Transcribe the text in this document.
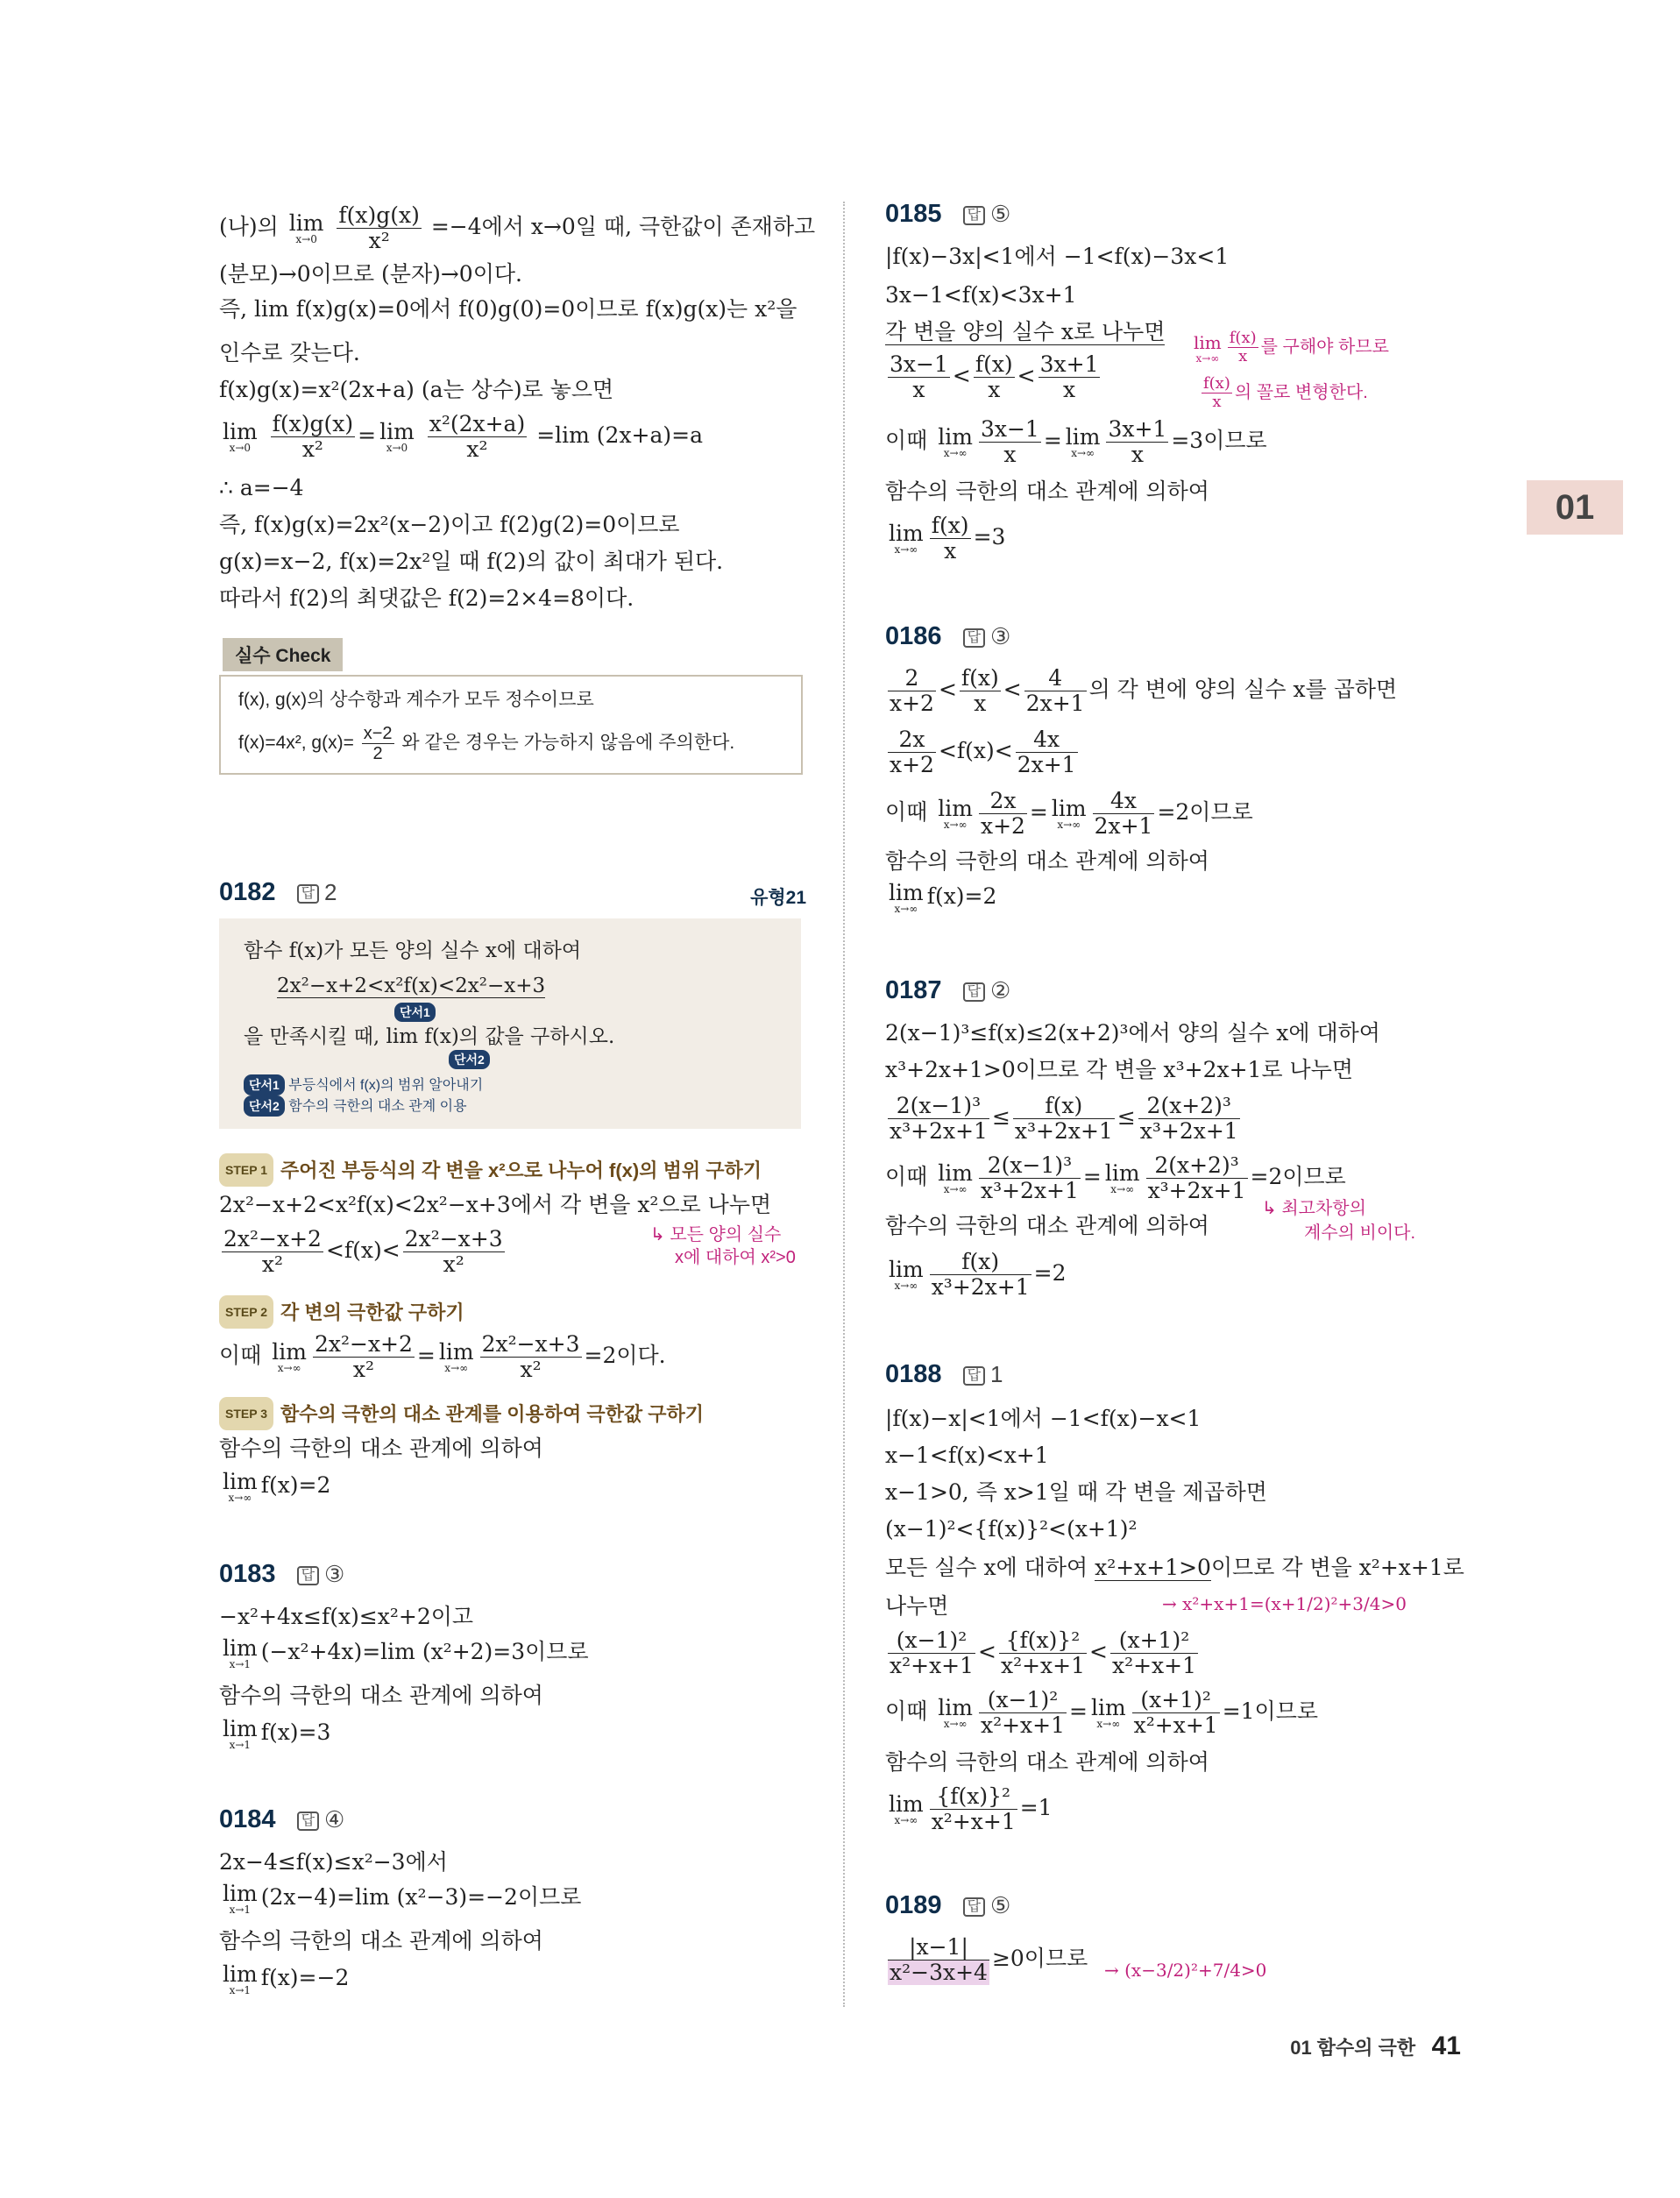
01
(나)의 lim
x→0
$\frac{f(x)g(x)}{\text{x²}} =-4$에서 x→0일 때, 극한값이 존재하고
(분모)→0이므로 (분자)→0이다.
즉, lim f(x)g(x)=0에서 f(0)g(0)=0이므로 f(x)g(x)는 x²을
인수로 갖는다.
f(x)g(x)=x²(2x+a) (a는 상수)로 놓으면
lim
x→0
$\frac{f(x)g(x)}{\text{x²}} = \lim$
x→0
$\frac{\text{x²(2x+a)}}{\text{x²}} =\lim$ (2x+a)=a
∴ a=−4
즉, f(x)g(x)=2x²(x−2)이고 f(2)g(2)=0이므로
g(x)=x−2, f(x)=2x²일 때 f(2)의 값이 최대가 된다.
따라서 f(2)의 최댓값은 f(2)=2×4=8이다.
실수 Check
f(x), g(x)의 상수항과 계수가 모두 정수이므로
f(x)=4x², $g(x)= \frac{x-2}{2}$ 와 같은 경우는 가능하지 않음에 주의한다.
0182 답 2	유형21
함수 f(x)가 모든 양의 실수 x에 대하여
2x²−x+2<x²f(x)<2x²−x+3
단서1
을 만족시킬 때, lim f(x)의 값을 구하시오.
단서2
단서1 부등식에서 f(x)의 범위 알아내기
단서2 함수의 극한의 대소 관계 이용
STEP 1 주어진 부등식의 각 변을 x²으로 나누어 f(x)의 범위 구하기
2x²−x+2<x²f(x)<2x²−x+3에서 각 변을 x²으로 나누면
$\frac{\text{2x²−x+2}}{\text{x²}} <f(x)< \frac{\text{2x²−x+3}}{\text{x²}}$	↳ 모든 양의 실수
x에 대하여 x²>0
STEP 2 각 변의 극한값 구하기
이때 lim
$x\to\infty \frac{\text{2x²−x+2}}{\text{x²}} = \lim$
$x\to\infty \frac{\text{2x²−x+3}}{\text{x²}} =2$이다.
STEP 3 함수의 극한의 대소 관계를 이용하여 극한값 구하기
함수의 극한의 대소 관계에 의하여
lim
x→∞ f(x)=2
0183 답 ③
−x²+4x≤f(x)≤x²+2이고
lim
x→1 (−x²+4x)=lim (x²+2)=3이므로
함수의 극한의 대소 관계에 의하여
lim
x→1 f(x)=3
0184 답 ④
2x−4≤f(x)≤x²−3에서
lim
x→1 (2x−4)=lim (x²−3)=−2이므로
함수의 극한의 대소 관계에 의하여
lim
x→1 f(x)=−2
0185 답 ⑤
|f(x)−3x|<1에서 −1<f(x)−3x<1
3x−1<f(x)<3x+1
각 변을 양의 실수 x로 나누면
$\frac{3x-1}{x} < \frac{f(x)}{x} < \frac{3x+1}{x}$
lim
$x\to\infty \frac{f(x)}{x}$ 를 구해야 하므로
$\frac{f(x)}{x}$ 의 꼴로 변형한다.
이때 lim
$x\to\infty \frac{3x-1}{x} = \lim$
$x\to\infty \frac{3x+1}{x} =3$이므로
함수의 극한의 대소 관계에 의하여
lim
$x\to\infty \frac{f(x)}{x} =3$
0186 답 ③
$\frac{2}{x+2} < \frac{f(x)}{x} < \frac{4}{2x+1}$ 의 각 변에 양의 실수 x를 곱하면
$\frac{2x}{x+2} <f(x)< \frac{4x}{2x+1}$
이때 lim
$x\to\infty \frac{2x}{x+2} = \lim$
$x\to\infty \frac{4x}{2x+1} =2$이므로
함수의 극한의 대소 관계에 의하여
lim
x→∞ f(x)=2
0187 답 ②
2(x−1)³≤f(x)≤2(x+2)³에서 양의 실수 x에 대하여
x³+2x+1>0이므로 각 변을 x³+2x+1로 나누면
$\frac{\text{2(x−1)³}}{\text{x³+2x+1}} \le \frac{f(x)}{\text{x³+2x+1}} \le \frac{\text{2(x+2)³}}{\text{x³+2x+1}}$
이때 lim
$x\to\infty \frac{\text{2(x−1)³}}{\text{x³+2x+1}} = \lim$
$x\to\infty \frac{\text{2(x+2)³}}{\text{x³+2x+1}} =2$이므로
↳ 최고차항의
계수의 비이다.
함수의 극한의 대소 관계에 의하여
lim
$x\to\infty \frac{f(x)}{\text{x³+2x+1}} =2$
0188 답 1
|f(x)−x|<1에서 −1<f(x)−x<1
x−1<f(x)<x+1
x−1>0, 즉 x>1일 때 각 변을 제곱하면
(x−1)²<{f(x)}²<(x+1)²
모든 실수 x에 대하여 x²+x+1>0이므로 각 변을 x²+x+1로
나누면	→ x²+x+1=(x+1/2)²+3/4>0
$\frac{\text{(x−1)²}}{\text{x²+x+1}} < \frac{\text{\{f(x)\}²}}{\text{x²+x+1}} < \frac{\text{(x+1)²}}{\text{x²+x+1}}$
이때 lim
$x\to\infty \frac{\text{(x−1)²}}{\text{x²+x+1}} = \lim$
$x\to\infty \frac{\text{(x+1)²}}{\text{x²+x+1}} =1$이므로
함수의 극한의 대소 관계에 의하여
lim
$x\to\infty \frac{\text{\{f(x)\}²}}{\text{x²+x+1}} =1$
0189 답 ⑤
$\frac{|x-1|}{\text{x²−3x+4}} \ge 0$이므로 → (x−3/2)²+7/4>0
01 함수의 극한 41
